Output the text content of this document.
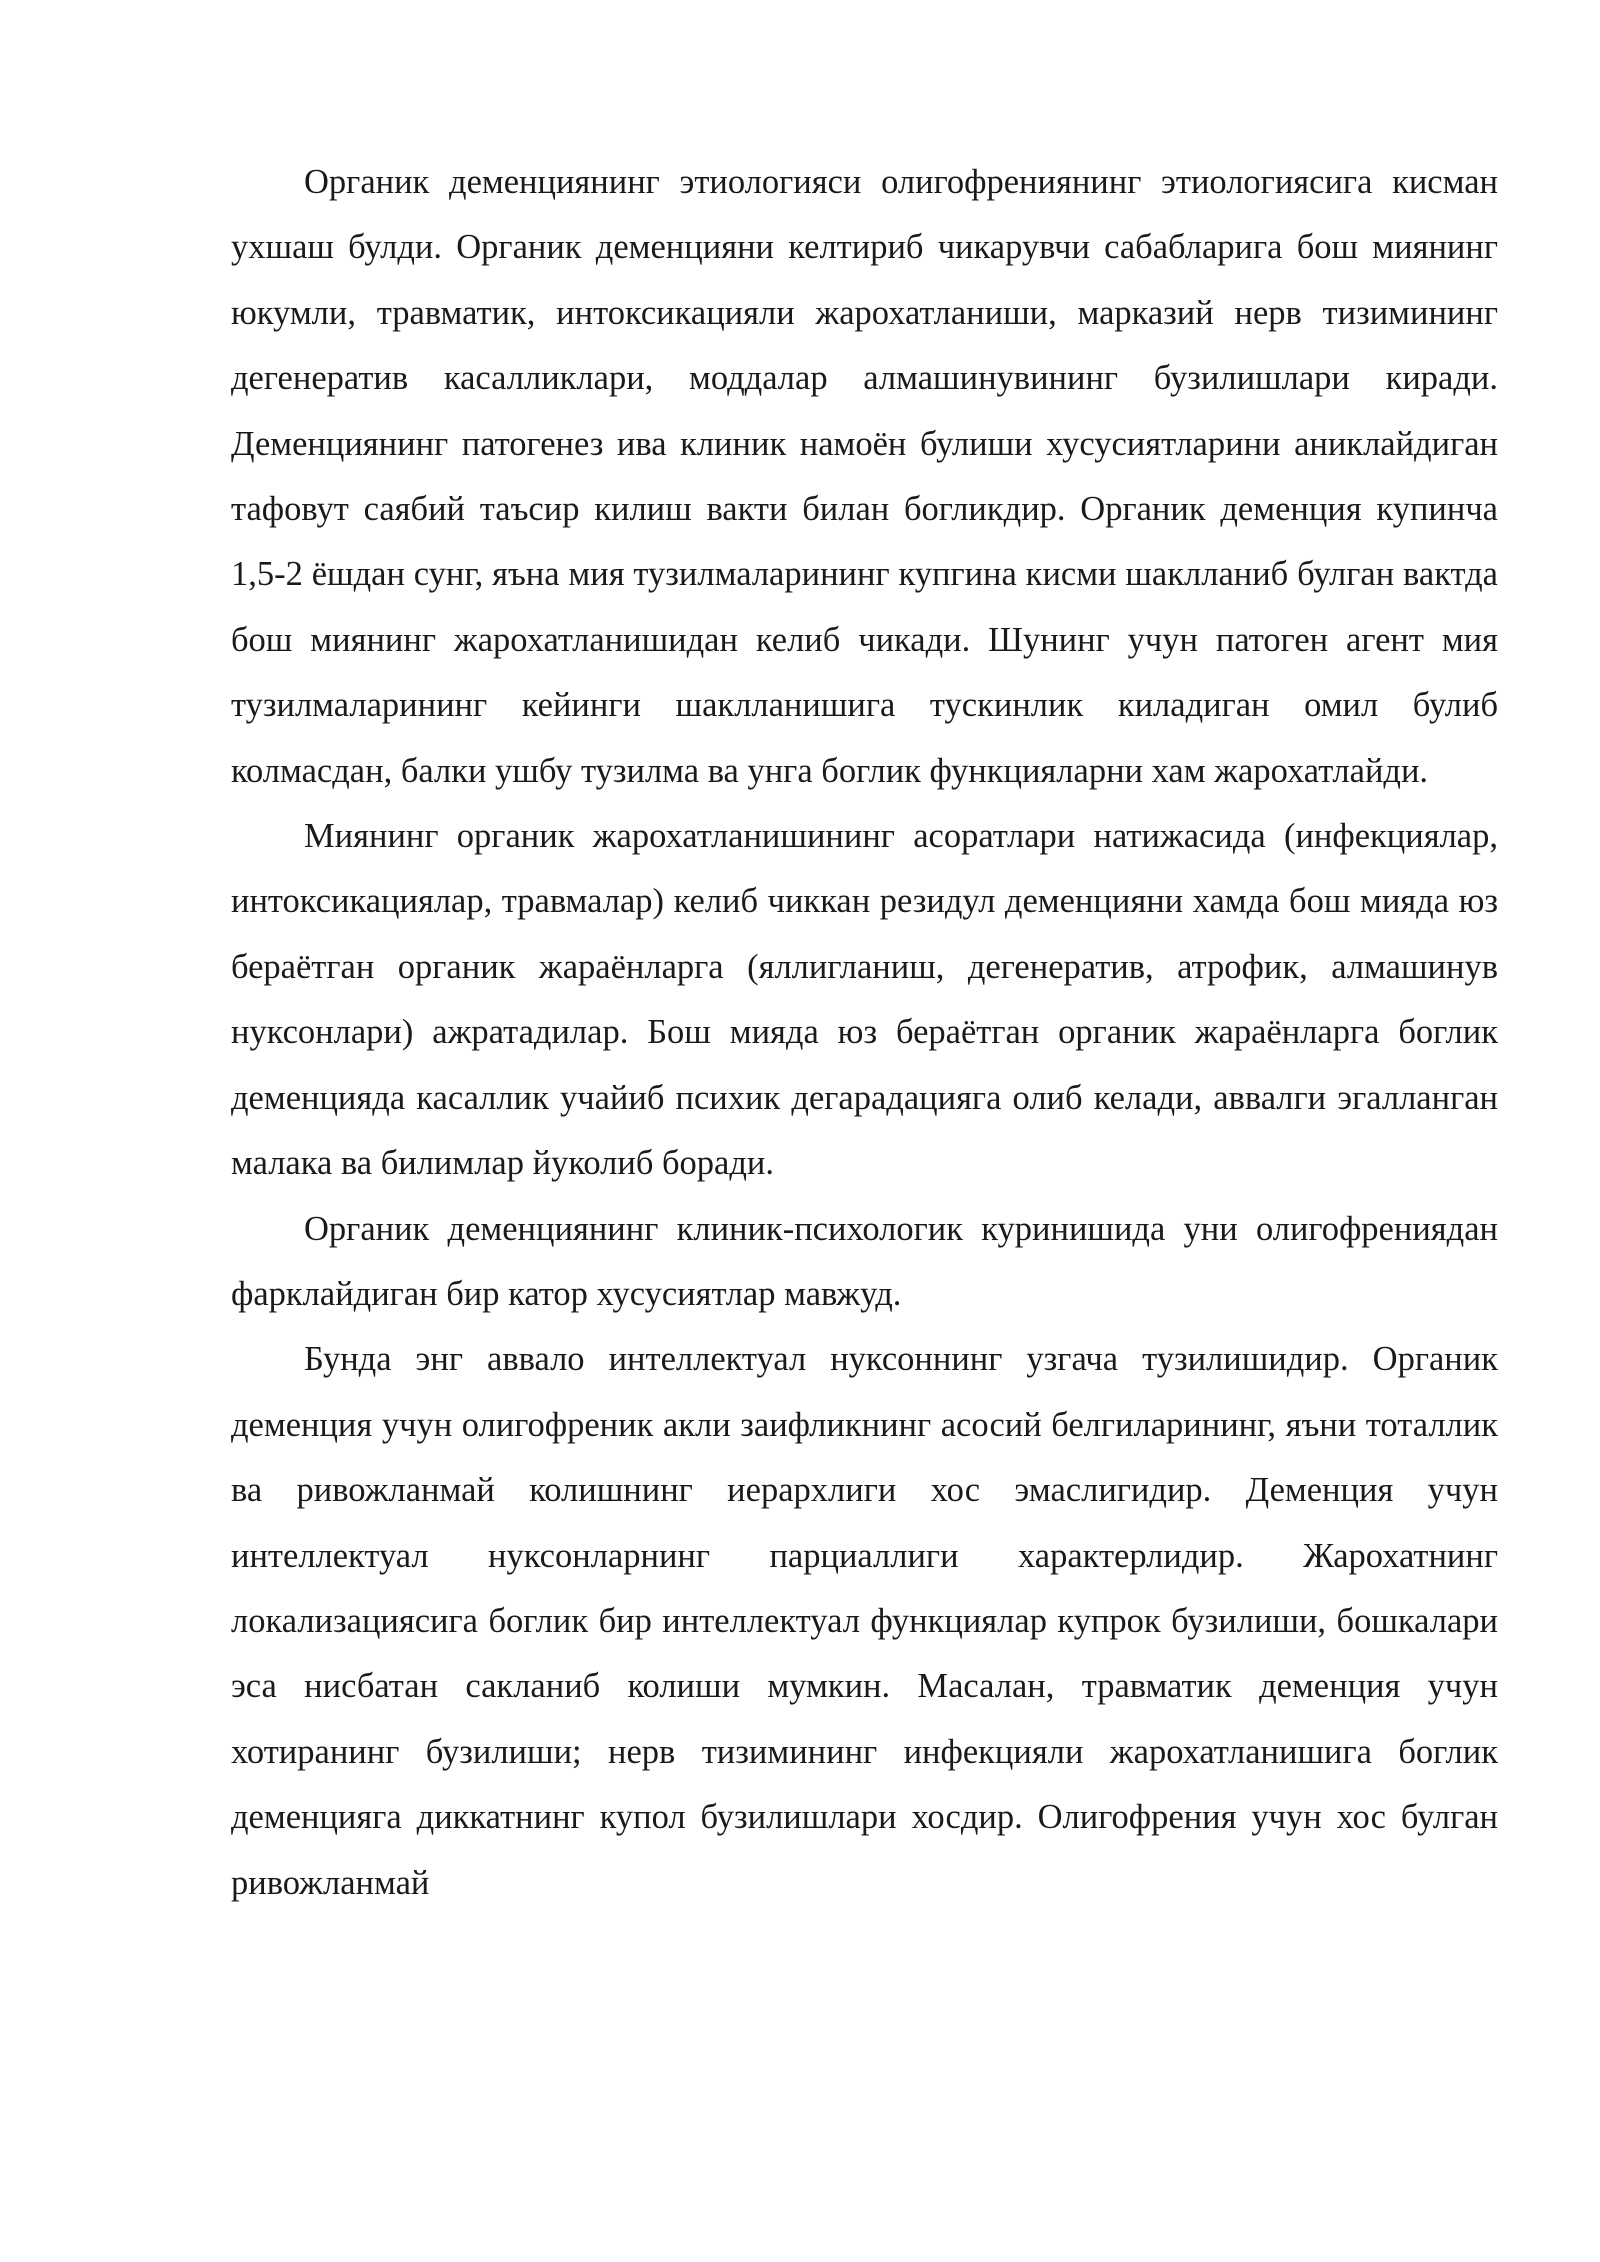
Органик деменциянинг этиологияси олигофрениянинг этиологиясига кисман ухшаш булди. Органик деменцияни келтириб чикарувчи сабабларига бош миянинг юкумли, травматик, интоксикацияли жарохатланиши, марказий нерв тизимининг дегенератив касалликлари, моддалар алмашинувининг бузилишлари киради. Деменциянинг патогенез ива клиник намоён булиши хусусиятларини аниклайдиган тафовут саябий таъсир килиш вакти билан богликдир. Органик деменция купинча 1,5-2 ёшдан сунг, яъна мия тузилмаларининг купгина кисми шаклланиб булган вактда бош миянинг жарохатланишидан келиб чикади. Шунинг учун патоген агент мия тузилмаларининг кейинги шаклланишига тускинлик киладиган омил булиб колмасдан, балки ушбу тузилма ва унга боглик функцияларни хам жарохатлайди.

Миянинг органик жарохатланишининг асоратлари натижасида (инфекциялар, интоксикациялар, травмалар) келиб чиккан резидул деменцияни хамда бош мияда юз бераётган органик жараёнларга (яллигланиш, дегенератив, атрофик, алмашинув нуксонлари) ажратадилар. Бош мияда юз бераётган органик жараёнларга боглик деменцияда касаллик учайиб психик дегарадацияга олиб келади, аввалги эгалланган малака ва билимлар йуколиб боради.

Органик деменциянинг клиник-психологик куринишида уни олигофрениядан фарклайдиган бир катор хусусиятлар мавжуд.

Бунда энг аввало интеллектуал нуксоннинг узгача тузилишидир. Органик деменция учун олигофреник акли заифликнинг асосий белгиларининг, яъни тоталлик ва ривожланмай колишнинг иерархлиги хос эмаслигидир. Деменция учун интеллектуал нуксонларнинг парциаллиги характерлидир. Жарохатнинг локализациясига боглик бир интеллектуал функциялар купрок бузилиши, бошкалари эса нисбатан сакланиб колиши мумкин. Масалан, травматик деменция учун хотиранинг бузилиши; нерв тизимининг инфекцияли жарохатланишига боглик деменцияга диккатнинг купол бузилишлари хосдир. Олигофрения учун хос булган ривожланмай
